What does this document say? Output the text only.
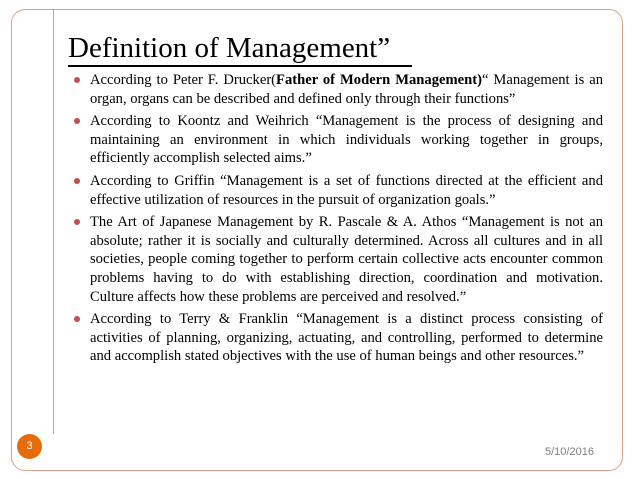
Definition of Management”
According to Peter F. Drucker(Father of Modern Management)“ Management is an organ, organs can be described and defined only through their functions”
According to Koontz and Weihrich “Management is the process of designing and maintaining an environment in which individuals working together in groups, efficiently accomplish selected aims.”
According to Griffin “Management is a set of functions directed at the efficient and effective utilization of resources in the pursuit of organization goals.”
The Art of Japanese Management by R. Pascale & A. Athos “Management is not an absolute; rather it is socially and culturally determined. Across all cultures and in all societies, people coming together to perform certain collective acts encounter common problems having to do with establishing direction, coordination and motivation. Culture affects how these problems are perceived and resolved.”
According to Terry & Franklin “Management is a distinct process consisting of activities of planning, organizing, actuating, and controlling, performed to determine and accomplish stated objectives with the use of human beings and other resources.”
3	5/10/2016
